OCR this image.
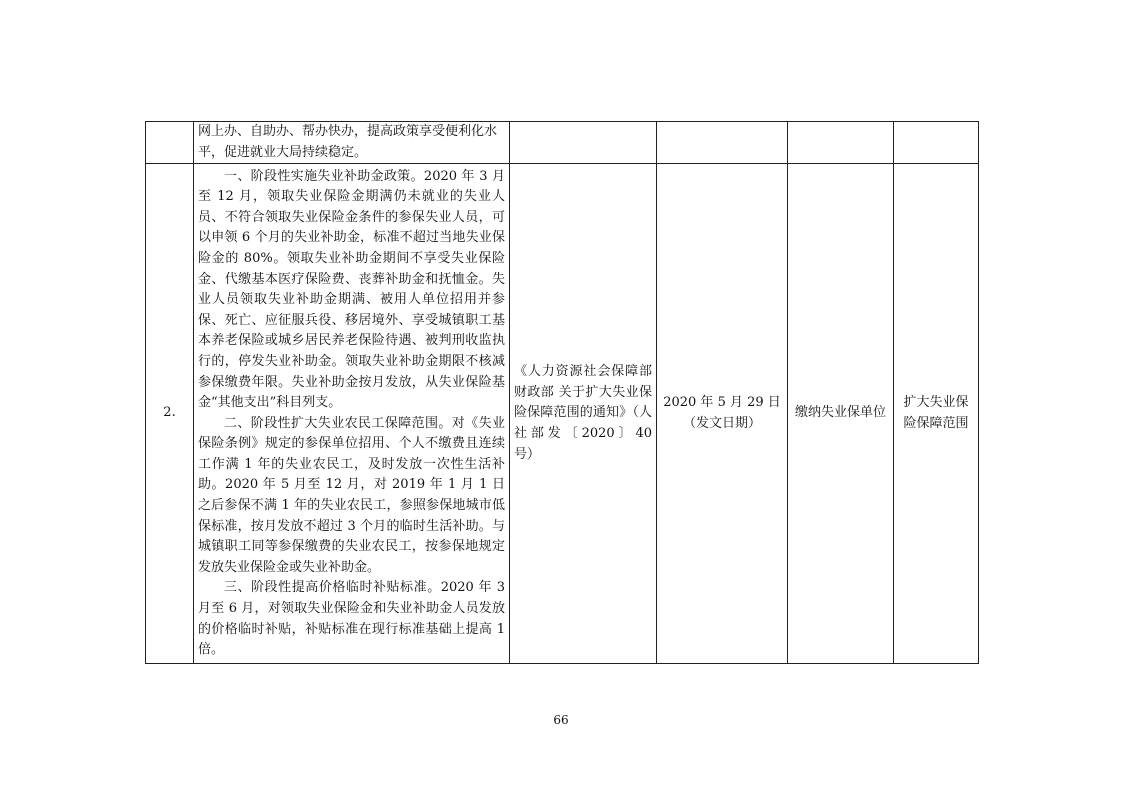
	网上办、自助办、帮办快办，提高政策享受便利化水平，促进就业大局持续稳定。				

2.	一、阶段性实施失业补助金政策。2020 年 3 月至 12 月，领取失业保险金期满仍未就业的失业人员、不符合领取失业保险金条件的参保失业人员，可以申领 6 个月的失业补助金，标准不超过当地失业保险金的 80%。领取失业补助金期间不享受失业保险金、代缴基本医疗保险费、丧葬补助金和抚恤金。失业人员领取失业补助金期满、被用人单位招用并参保、死亡、应征服兵役、移居境外、享受城镇职工基本养老保险或城乡居民养老保险待遇、被判刑收监执行的，停发失业补助金。领取失业补助金期限不核减参保缴费年限。失业补助金按月发放，从失业保险基金“其他支出”科目列支。
二、阶段性扩大失业农民工保障范围。对《失业保险条例》规定的参保单位招用、个人不缴费且连续工作满 1 年的失业农民工，及时发放一次性生活补助。2020 年 5 月至 12 月，对 2019 年 1 月 1 日之后参保不满 1 年的失业农民工，参照参保地城市低保标准，按月发放不超过 3 个月的临时生活补助。与城镇职工同等参保缴费的失业农民工，按参保地规定发放失业保险金或失业补助金。
三、阶段性提高价格临时补贴标准。2020 年 3 月至 6 月，对领取失业保险金和失业补助金人员发放的价格临时补贴，补贴标准在现行标准基础上提高 1 倍。	《人力资源社会保障部 财政部 关于扩大失业保险保障范围的通知》（人社部发〔2020〕40 号）	2020 年 5 月 29 日
（发文日期）	缴纳失业保单位	扩大失业保险保障范围
66
